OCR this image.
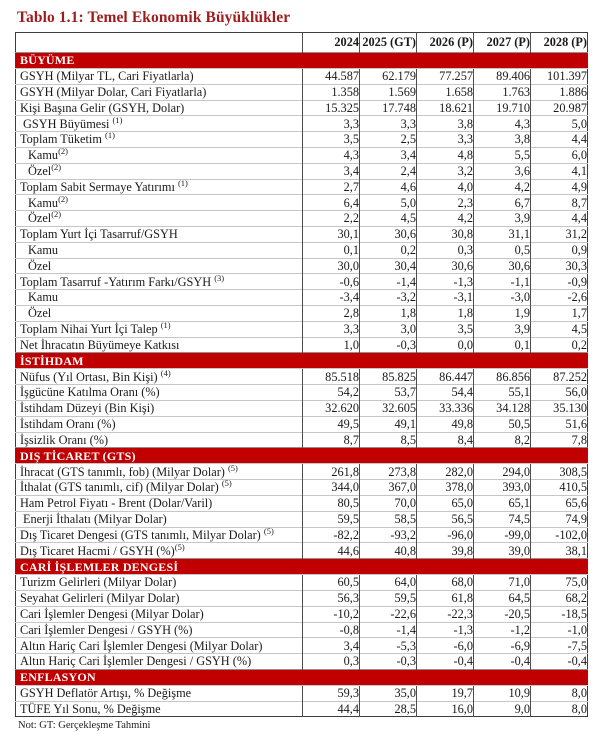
Tablo 1.1: Temel Ekonomik Büyüklükler
	2024	2025 (GT)	2026 (P)	2027 (P)	2028 (P)
BÜYÜME					
GSYH (Milyar TL, Cari Fiyatlarla)	44.587	62.179	77.257	89.406	101.397
GSYH (Milyar Dolar, Cari Fiyatlarla)	1.358	1.569	1.658	1.763	1.886
Kişi Başına Gelir (GSYH, Dolar)	15.325	17.748	18.621	19.710	20.987
GSYH Büyümesi $^{(1)}$	3,3	3,3	3,8	4,3	5,0
Toplam Tüketim $^{(1)}$	3,5	2,5	3,3	3,8	4,4
Kamu$^{(2)}$	4,3	3,4	4,8	5,5	6,0
Özel$^{(2)}$	3,4	2,4	3,2	3,6	4,1
Toplam Sabit Sermaye Yatırımı $^{(1)}$	2,7	4,6	4,0	4,2	4,9
Kamu$^{(2)}$	6,4	5,0	2,3	6,7	8,7
Özel$^{(2)}$	2,2	4,5	4,2	3,9	4,4
Toplam Yurt İçi Tasarruf/GSYH	30,1	30,6	30,8	31,1	31,2
Kamu	0,1	0,2	0,3	0,5	0,9
Özel	30,0	30,4	30,6	30,6	30,3
Toplam Tasarruf -Yatırım Farkı/GSYH $^{(3)}$	-0,6	-1,4	-1,3	-1,1	-0,9
Kamu	-3,4	-3,2	-3,1	-3,0	-2,6
Özel	2,8	1,8	1,8	1,9	1,7
Toplam Nihai Yurt İçi Talep $^{(1)}$	3,3	3,0	3,5	3,9	4,5
Net İhracatın Büyümeye Katkısı	1,0	-0,3	0,0	0,1	0,2
İSTİHDAM					
Nüfus (Yıl Ortası, Bin Kişi) $^{(4)}$	85.518	85.825	86.447	86.856	87.252
İşgücüne Katılma Oranı (%)	54,2	53,7	54,4	55,1	56,0
İstihdam Düzeyi (Bin Kişi)	32.620	32.605	33.336	34.128	35.130
İstihdam Oranı (%)	49,5	49,1	49,8	50,5	51,6
İşsizlik Oranı (%)	8,7	8,5	8,4	8,2	7,8
DIŞ TİCARET (GTS)					
İhracat (GTS tanımlı, fob) (Milyar Dolar) $^{(5)}$	261,8	273,8	282,0	294,0	308,5
İthalat (GTS tanımlı, cif) (Milyar Dolar) $^{(5)}$	344,0	367,0	378,0	393,0	410,5
Ham Petrol Fiyatı - Brent (Dolar/Varil)	80,5	70,0	65,0	65,1	65,6
Enerji İthalatı (Milyar Dolar)	59,5	58,5	56,5	74,5	74,9
Dış Ticaret Dengesi (GTS tanımlı, Milyar Dolar) $^{(5)}$	-82,2	-93,2	-96,0	-99,0	-102,0
Dış Ticaret Hacmi / GSYH (%)$^{(5)}$	44,6	40,8	39,8	39,0	38,1
CARİ İŞLEMLER DENGESİ					
Turizm Gelirleri (Milyar Dolar)	60,5	64,0	68,0	71,0	75,0
Seyahat Gelirleri (Milyar Dolar)	56,3	59,5	61,8	64,5	68,2
Cari İşlemler Dengesi (Milyar Dolar)	-10,2	-22,6	-22,3	-20,5	-18,5
Cari İşlemler Dengesi / GSYH (%)	-0,8	-1,4	-1,3	-1,2	-1,0
Altın Hariç Cari İşlemler Dengesi (Milyar Dolar)	3,4	-5,3	-6,0	-6,9	-7,5
Altın Hariç Cari İşlemler Dengesi / GSYH (%)	0,3	-0,3	-0,4	-0,4	-0,4
ENFLASYON					
GSYH Deflatör Artışı, % Değişme	59,3	35,0	19,7	10,9	8,0
TÜFE Yıl Sonu, % Değişme	44,4	28,5	16,0	9,0	8,0
Not: GT: Gerçekleşme Tahmini
